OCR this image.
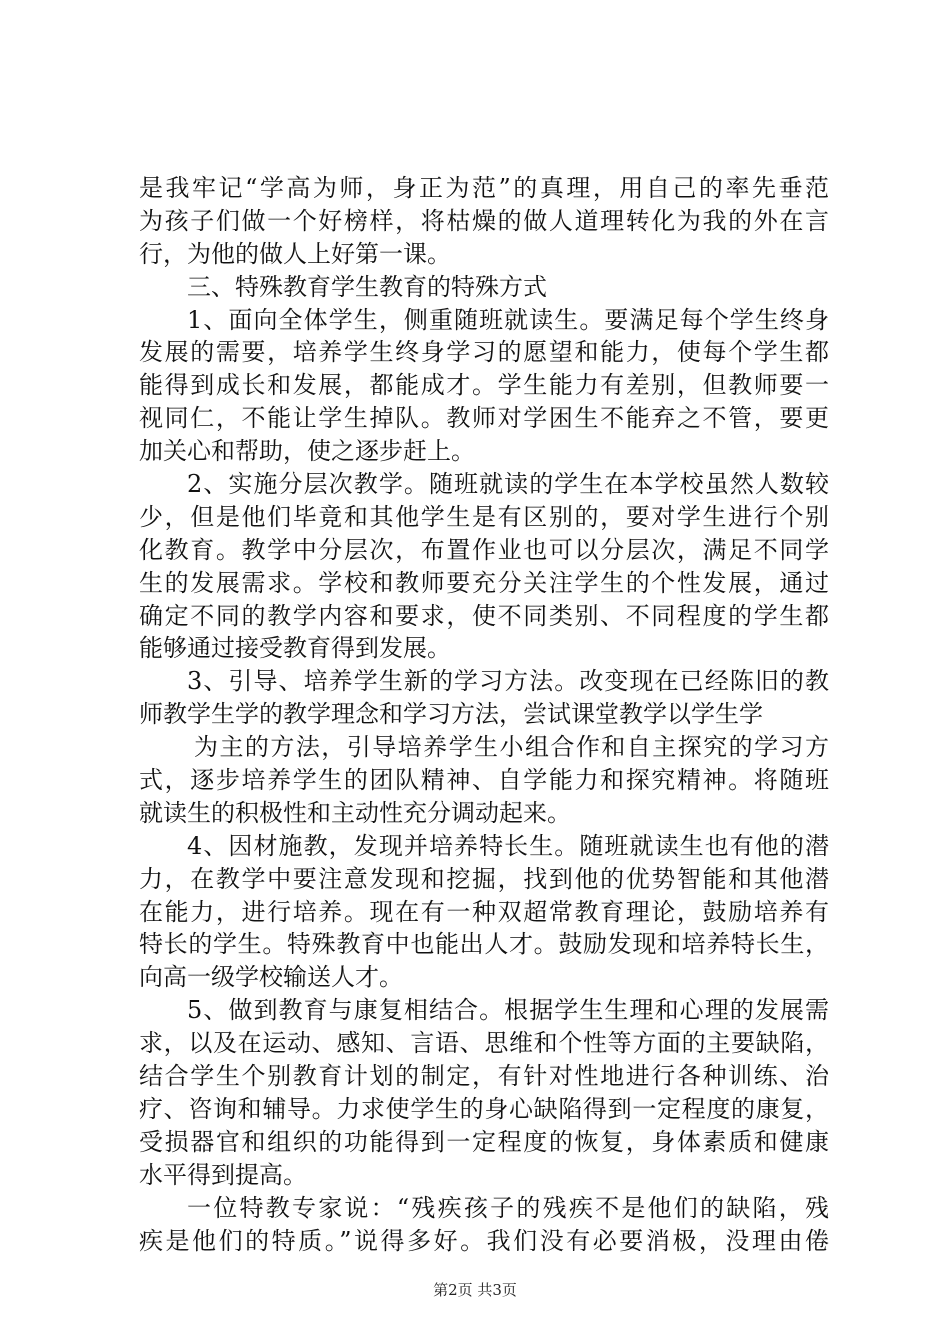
是我牢记“学高为师，身正为范”的真理，用自己的率先垂范
为孩子们做一个好榜样，将枯燥的做人道理转化为我的外在言
行，为他的做人上好第一课。
三、特殊教育学生教育的特殊方式
1、面向全体学生，侧重随班就读生。要满足每个学生终身
发展的需要，培养学生终身学习的愿望和能力，使每个学生都
能得到成长和发展，都能成才。学生能力有差别，但教师要一
视同仁，不能让学生掉队。教师对学困生不能弃之不管，要更
加关心和帮助，使之逐步赶上。
2、实施分层次教学。随班就读的学生在本学校虽然人数较
少，但是他们毕竟和其他学生是有区别的，要对学生进行个别
化教育。教学中分层次，布置作业也可以分层次，满足不同学
生的发展需求。学校和教师要充分关注学生的个性发展，通过
确定不同的教学内容和要求，使不同类别、不同程度的学生都
能够通过接受教育得到发展。
3、引导、培养学生新的学习方法。改变现在已经陈旧的教
师教学生学的教学理念和学习方法，尝试课堂教学以学生学
为主的方法，引导培养学生小组合作和自主探究的学习方
式，逐步培养学生的团队精神、自学能力和探究精神。将随班
就读生的积极性和主动性充分调动起来。
4、因材施教，发现并培养特长生。随班就读生也有他的潜
力，在教学中要注意发现和挖掘，找到他的优势智能和其他潜
在能力，进行培养。现在有一种双超常教育理论，鼓励培养有
特长的学生。特殊教育中也能出人才。鼓励发现和培养特长生，
向高一级学校输送人才。
5、做到教育与康复相结合。根据学生生理和心理的发展需
求，以及在运动、感知、言语、思维和个性等方面的主要缺陷，
结合学生个别教育计划的制定，有针对性地进行各种训练、治
疗、咨询和辅导。力求使学生的身心缺陷得到一定程度的康复，
受损器官和组织的功能得到一定程度的恢复，身体素质和健康
水平得到提高。
一位特教专家说：“残疾孩子的残疾不是他们的缺陷，残
疾是他们的特质。”说得多好。我们没有必要消极，没理由倦
第2页 共3页
